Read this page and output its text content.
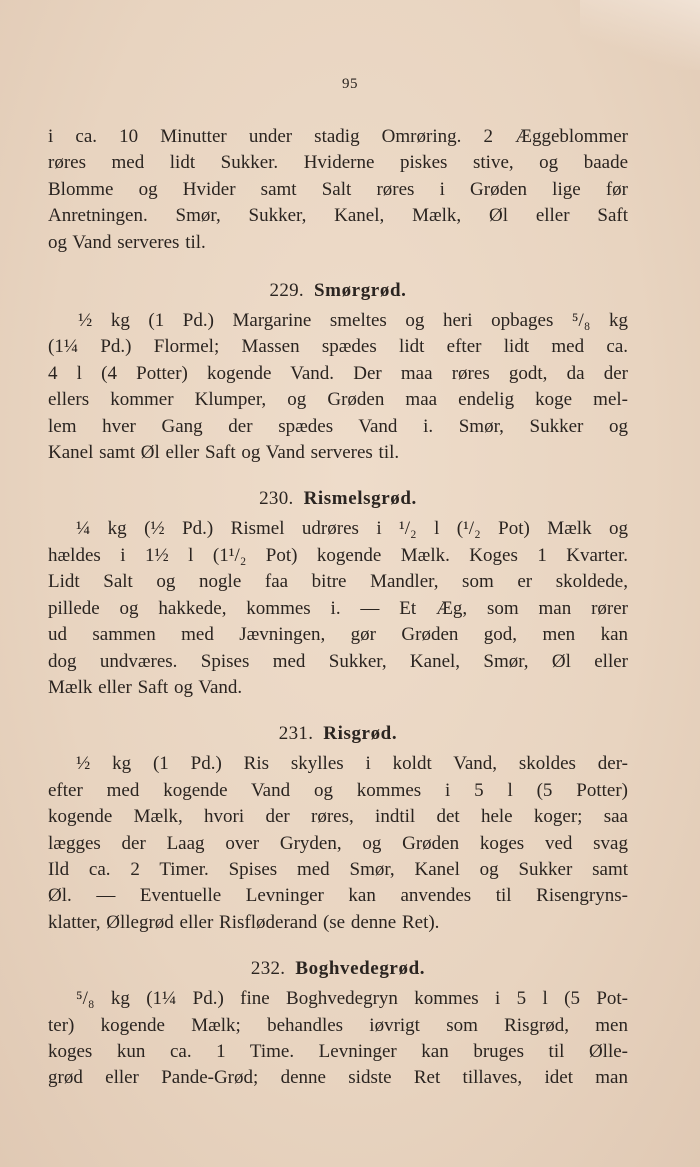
95

i ca. 10 Minutter under stadig Omrøring. 2 Æggeblommer
røres med lidt Sukker. Hviderne piskes stive, og baade
Blomme og Hvider samt Salt røres i Grøden lige før
Anretningen. Smør, Sukker, Kanel, Mælk, Øl eller Saft
og Vand serveres til.

229. Smørgrød.

½ kg (1 Pd.) Margarine smeltes og heri opbages ⁵/₈ kg
(1¼ Pd.) Flormel; Massen spædes lidt efter lidt med ca.
4 l (4 Potter) kogende Vand. Der maa røres godt, da der
ellers kommer Klumper, og Grøden maa endelig koge mel-
lem hver Gang der spædes Vand i. Smør, Sukker og
Kanel samt Øl eller Saft og Vand serveres til.

230. Rismelsgrød.

¼ kg (½ Pd.) Rismel udrøres i ¹/₂ l (¹/₂ Pot) Mælk og
hældes i 1½ l (1¹/₂ Pot) kogende Mælk. Koges 1 Kvarter.
Lidt Salt og nogle faa bitre Mandler, som er skoldede,
pillede og hakkede, kommes i. — Et Æg, som man rører
ud sammen med Jævningen, gør Grøden god, men kan
dog undværes. Spises med Sukker, Kanel, Smør, Øl eller
Mælk eller Saft og Vand.

231. Risgrød.

½ kg (1 Pd.) Ris skylles i koldt Vand, skoldes der-
efter med kogende Vand og kommes i 5 l (5 Potter)
kogende Mælk, hvori der røres, indtil det hele koger; saa
lægges der Laag over Gryden, og Grøden koges ved svag
Ild ca. 2 Timer. Spises med Smør, Kanel og Sukker samt
Øl. — Eventuelle Levninger kan anvendes til Risengryns-
klatter, Øllegrød eller Risfløderand (se denne Ret).

232. Boghvedegrød.

⁵/₈ kg (1¼ Pd.) fine Boghvedegryn kommes i 5 l (5 Pot-
ter) kogende Mælk; behandles iøvrigt som Risgrød, men
koges kun ca. 1 Time. Levninger kan bruges til Ølle-
grød eller Pande-Grød; denne sidste Ret tillaves, idet man
